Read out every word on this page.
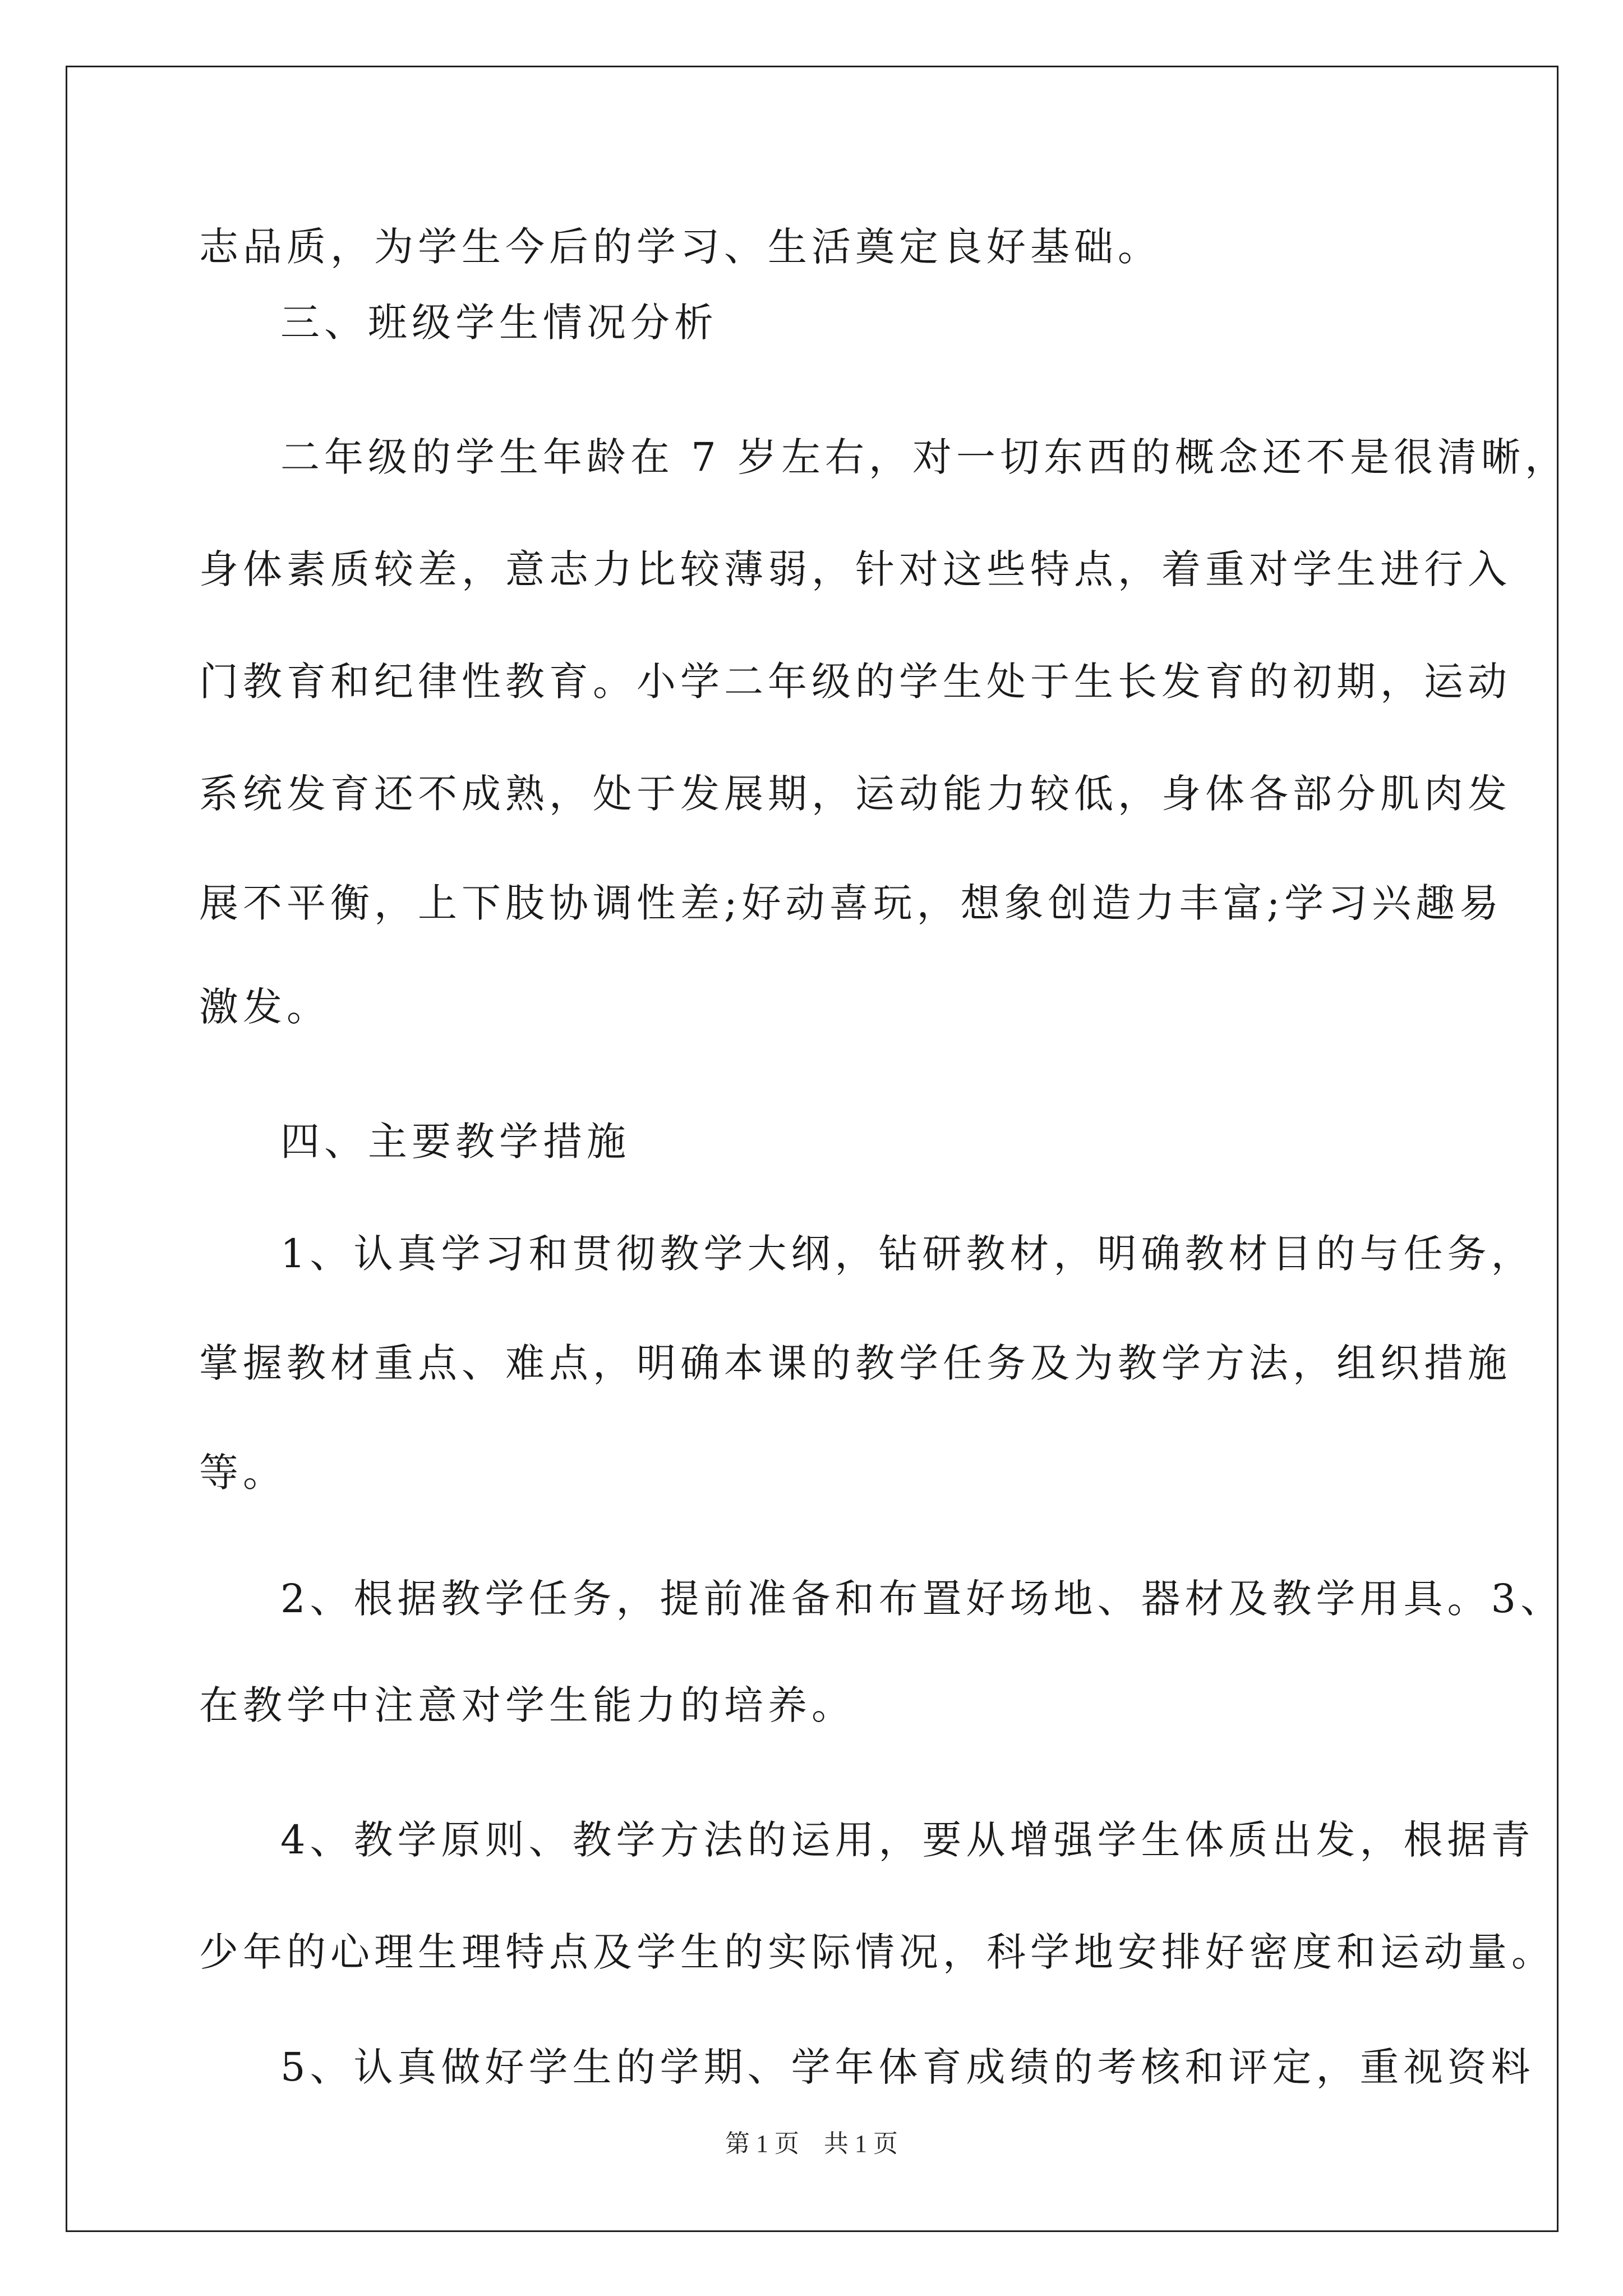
志品质，为学生今后的学习、生活奠定良好基础。
三、班级学生情况分析
二年级的学生年龄在 7 岁左右，对一切东西的概念还不是很清晰，
身体素质较差，意志力比较薄弱，针对这些特点，着重对学生进行入
门教育和纪律性教育。小学二年级的学生处于生长发育的初期，运动
系统发育还不成熟，处于发展期，运动能力较低，身体各部分肌肉发
展不平衡，上下肢协调性差;好动喜玩，想象创造力丰富;学习兴趣易
激发。
四、主要教学措施
1、认真学习和贯彻教学大纲，钻研教材，明确教材目的与任务，
掌握教材重点、难点，明确本课的教学任务及为教学方法，组织措施
等。
2、根据教学任务，提前准备和布置好场地、器材及教学用具。3、
在教学中注意对学生能力的培养。
4、教学原则、教学方法的运用，要从增强学生体质出发，根据青
少年的心理生理特点及学生的实际情况，科学地安排好密度和运动量。
5、认真做好学生的学期、学年体育成绩的考核和评定，重视资料
第 1 页　共 1 页
